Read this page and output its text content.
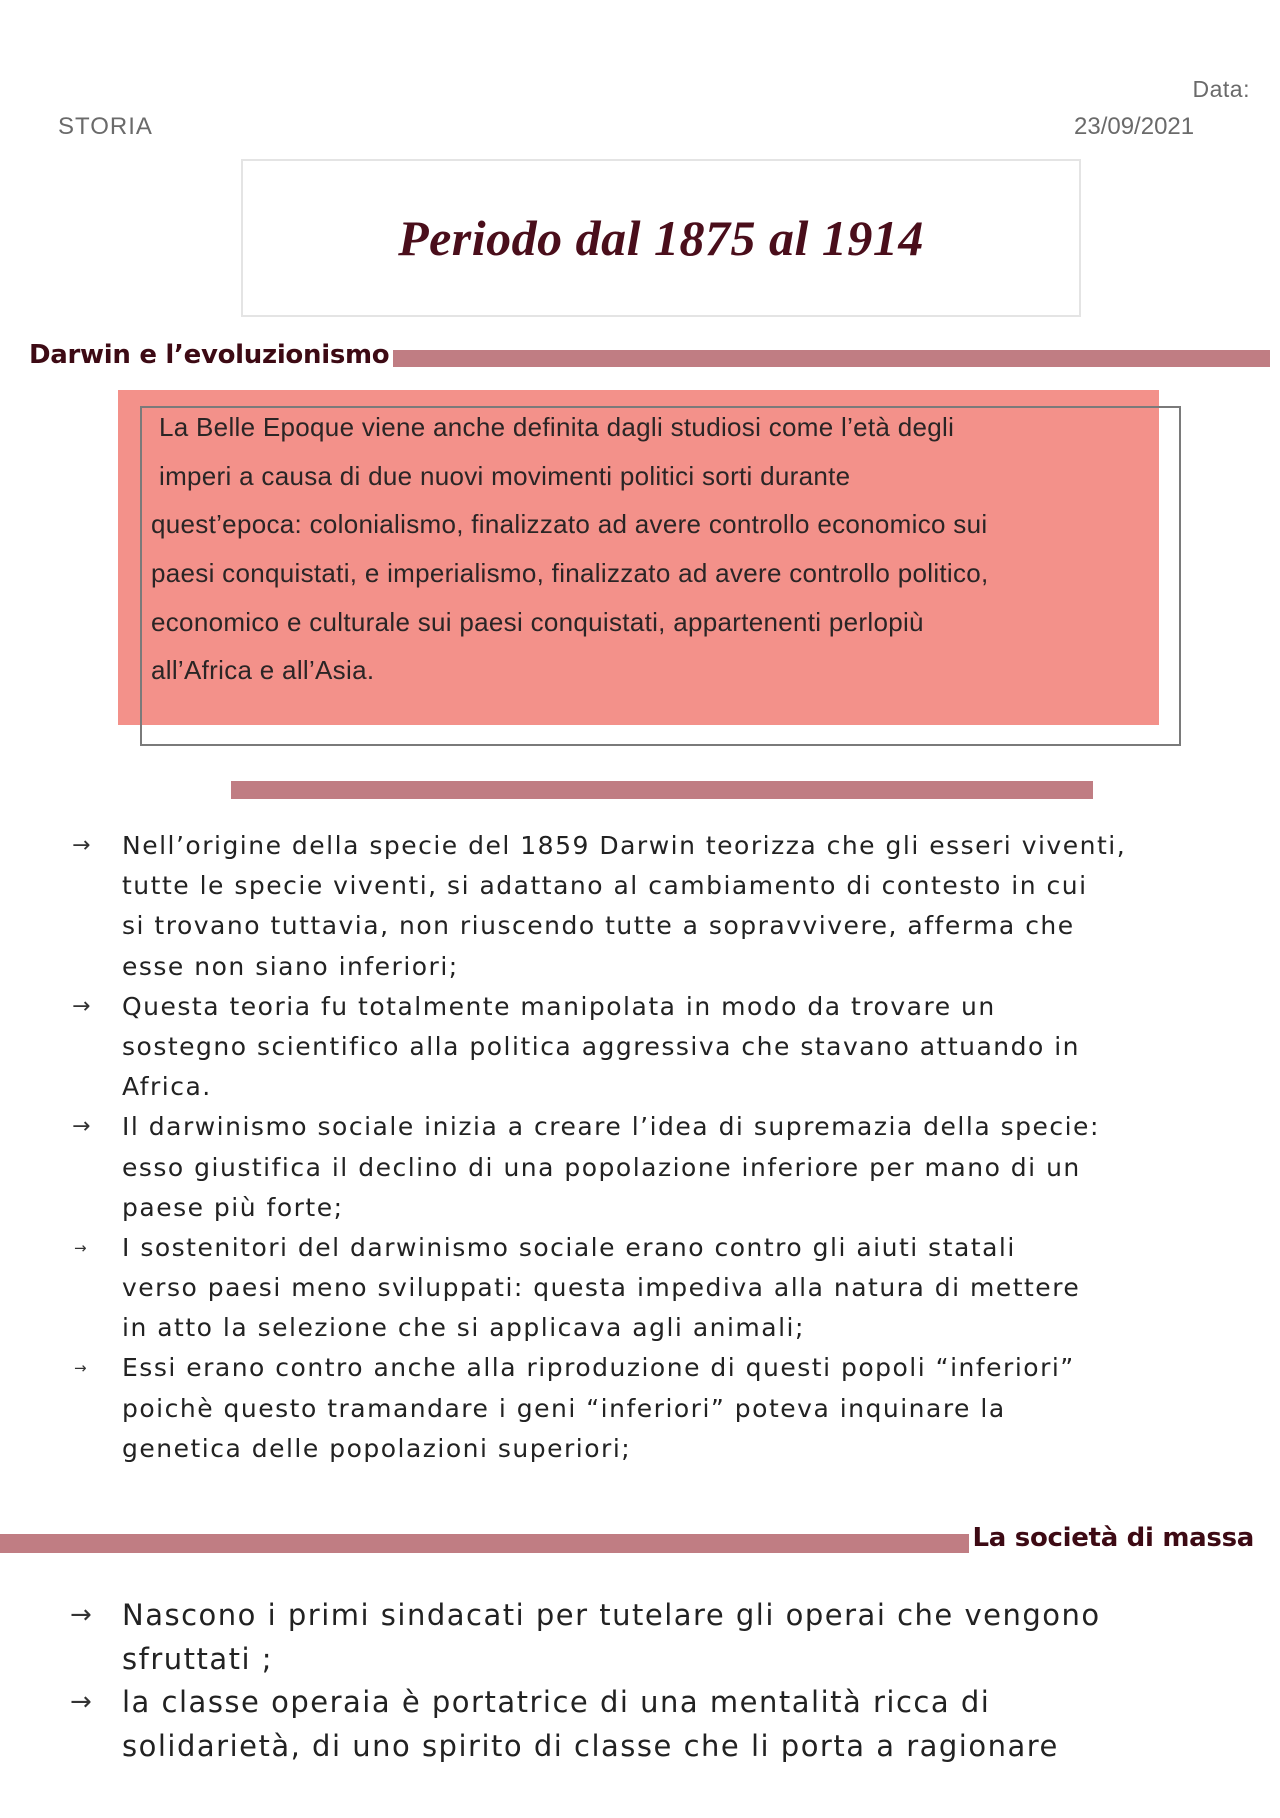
Data:
STORIA	23/09/2021
Periodo dal 1875 al 1914
Darwin e l’evoluzionismo
La Belle Epoque viene anche definita dagli studiosi come l’età degli
imperi a causa di due nuovi movimenti politici sorti durante
quest’epoca: colonialismo, finalizzato ad avere controllo economico sui
paesi conquistati, e imperialismo, finalizzato ad avere controllo politico,
economico e culturale sui paesi conquistati, appartenenti perlopiù
all’Africa e all’Asia.
→
Nell’origine della specie del 1859 Darwin teorizza che gli esseri viventi,
tutte le specie viventi, si adattano al cambiamento di contesto in cui
si trovano tuttavia, non riuscendo tutte a sopravvivere, afferma che
esse non siano inferiori;
→
Questa teoria fu totalmente manipolata in modo da trovare un
sostegno scientifico alla politica aggressiva che stavano attuando in
Africa.
→
Il darwinismo sociale inizia a creare l’idea di supremazia della specie:
esso giustifica il declino di una popolazione inferiore per mano di un
paese più forte;
→
I sostenitori del darwinismo sociale erano contro gli aiuti statali
verso paesi meno sviluppati: questa impediva alla natura di mettere
in atto la selezione che si applicava agli animali;
→
Essi erano contro anche alla riproduzione di questi popoli “inferiori”
poichè questo tramandare i geni “inferiori” poteva inquinare la
genetica delle popolazioni superiori;
La società di massa
→
Nascono i primi sindacati per tutelare gli operai che vengono
sfruttati ;
→
la classe operaia è portatrice di una mentalità ricca di
solidarietà, di uno spirito di classe che li porta a ragionare
